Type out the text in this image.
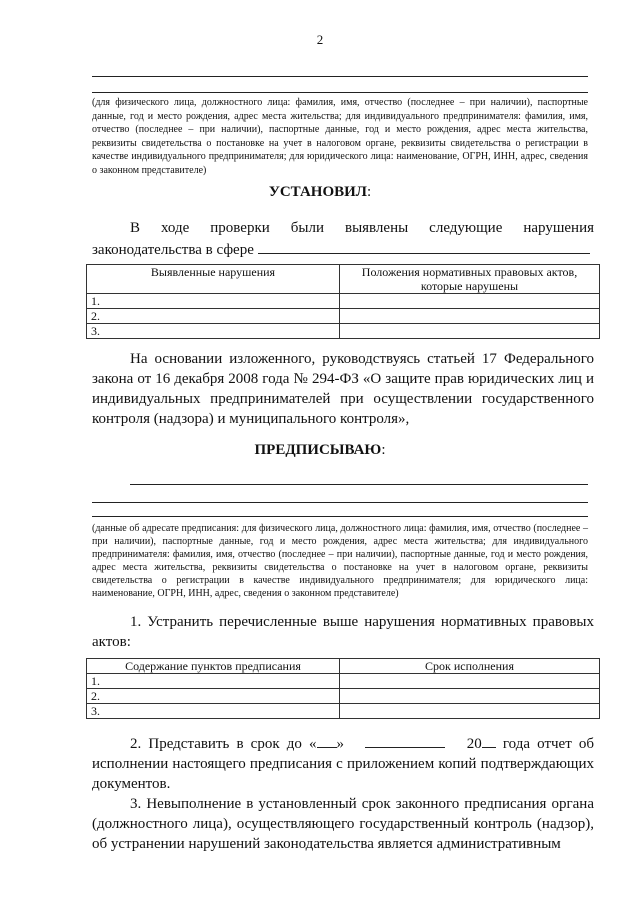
2
(для физического лица, должностного лица: фамилия, имя, отчество (последнее – при наличии), паспортные данные, год и место рождения, адрес места жительства; для индивидуального предпринимателя: фамилия, имя, отчество (последнее – при наличии), паспортные данные, год и место рождения, адрес места жительства, реквизиты свидетельства о постановке на учет в налоговом органе, реквизиты свидетельства о регистрации в качестве индивидуального предпринимателя; для юридического лица: наименование, ОГРН, ИНН, адрес, сведения о законном представителе)
УСТАНОВИЛ:
В ходе проверки были выявлены следующие нарушения
законодательства в сфере
Выявленные нарушения	Положения нормативных правовых актов, которые нарушены
1.	
2.	
3.	
На основании изложенного, руководствуясь статьей 17 Федерального закона от 16 декабря 2008 года № 294-ФЗ «О защите прав юридических лиц и индивидуальных предпринимателей при осуществлении государственного контроля (надзора) и муниципального контроля»,
ПРЕДПИСЫВАЮ:
(данные об адресате предписания: для физического лица, должностного лица: фамилия, имя, отчество (последнее – при наличии), паспортные данные, год и место рождения, адрес места жительства; для индивидуального предпринимателя: фамилия, имя, отчество (последнее – при наличии), паспортные данные, год и место рождения, адрес места жительства, реквизиты свидетельства о постановке на учет в налоговом органе, реквизиты свидетельства о регистрации в качестве индивидуального предпринимателя; для юридического лица: наименование, ОГРН, ИНН, адрес, сведения о законном представителе)
1. Устранить перечисленные выше нарушения нормативных правовых актов:
Содержание пунктов предписания	Срок исполнения
1.	
2.	
3.	
2. Представить в срок до « »	20 года отчет об исполнении настоящего предписания с приложением копий подтверждающих документов.
3. Невыполнение в установленный срок законного предписания органа (должностного лица), осуществляющего государственный контроль (надзор), об устранении нарушений законодательства является административным
